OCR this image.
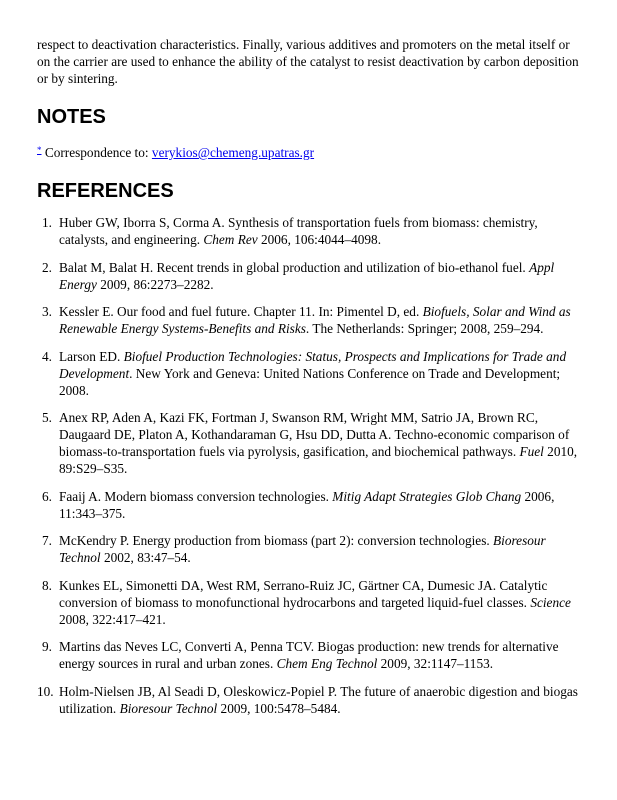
respect to deactivation characteristics. Finally, various additives and promoters on the metal itself or on the carrier are used to enhance the ability of the catalyst to resist deactivation by carbon deposition or by sintering.

NOTES

* Correspondence to: verykios@chemeng.upatras.gr

REFERENCES
1. Huber GW, Iborra S, Corma A. Synthesis of transportation fuels from biomass: chemistry, catalysts, and engineering. Chem Rev 2006, 106:4044–4098.
2. Balat M, Balat H. Recent trends in global production and utilization of bio-ethanol fuel. Appl Energy 2009, 86:2273–2282.
3. Kessler E. Our food and fuel future. Chapter 11. In: Pimentel D, ed. Biofuels, Solar and Wind as Renewable Energy Systems-Benefits and Risks. The Netherlands: Springer; 2008, 259–294.
4. Larson ED. Biofuel Production Technologies: Status, Prospects and Implications for Trade and Development. New York and Geneva: United Nations Conference on Trade and Development; 2008.
5. Anex RP, Aden A, Kazi FK, Fortman J, Swanson RM, Wright MM, Satrio JA, Brown RC, Daugaard DE, Platon A, Kothandaraman G, Hsu DD, Dutta A. Techno-economic comparison of biomass-to-transportation fuels via pyrolysis, gasification, and biochemical pathways. Fuel 2010, 89:S29–S35.
6. Faaij A. Modern biomass conversion technologies. Mitig Adapt Strategies Glob Chang 2006, 11:343–375.
7. McKendry P. Energy production from biomass (part 2): conversion technologies. Bioresour Technol 2002, 83:47–54.
8. Kunkes EL, Simonetti DA, West RM, Serrano-Ruiz JC, Gärtner CA, Dumesic JA. Catalytic conversion of biomass to monofunctional hydrocarbons and targeted liquid-fuel classes. Science 2008, 322:417–421.
9. Martins das Neves LC, Converti A, Penna TCV. Biogas production: new trends for alternative energy sources in rural and urban zones. Chem Eng Technol 2009, 32:1147–1153.
10. Holm-Nielsen JB, Al Seadi D, Oleskowicz-Popiel P. The future of anaerobic digestion and biogas utilization. Bioresour Technol 2009, 100:5478–5484.
